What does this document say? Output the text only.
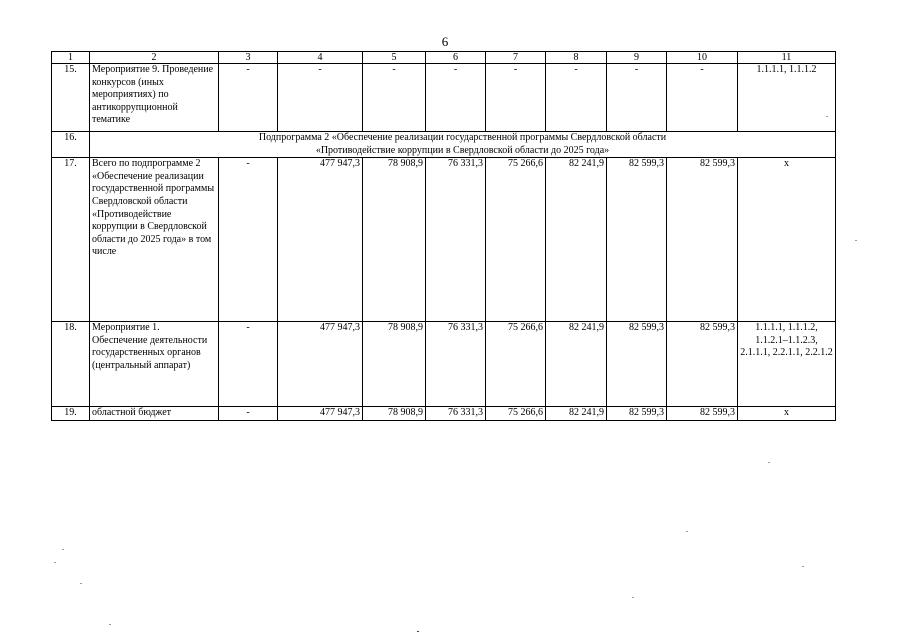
6
1	2	3	4	5	6	7	8	9	10	11
15.	Мероприятие 9. Проведение конкурсов (иных мероприятиях) по антикоррупционной тематике	-	-	-	-	-	-	-	-	1.1.1.1, 1.1.1.2
16.	Подпрограмма 2 «Обеспечение реализации государственной программы Свердловской области
«Противодействие коррупции в Свердловской области до 2025 года»									

17.	Всего по подпрограмме 2 «Обеспечение реализации государственной программы Свердловской области «Противодействие коррупции в Свердловской области до 2025 года» в том числе	-	477 947,3	78 908,9	76 331,3	75 266,6	82 241,9	82 599,3	82 599,3	x
18.	Мероприятие 1. Обеспечение деятельности государственных органов (центральный аппарат)	-	477 947,3	78 908,9	76 331,3	75 266,6	82 241,9	82 599,3	82 599,3	1.1.1.1, 1.1.1.2, 1.1.2.1–1.1.2.3, 2.1.1.1, 2.2.1.1, 2.2.1.2
19.	областной бюджет	-	477 947,3	78 908,9	76 331,3	75 266,6	82 241,9	82 599,3	82 599,3	x
